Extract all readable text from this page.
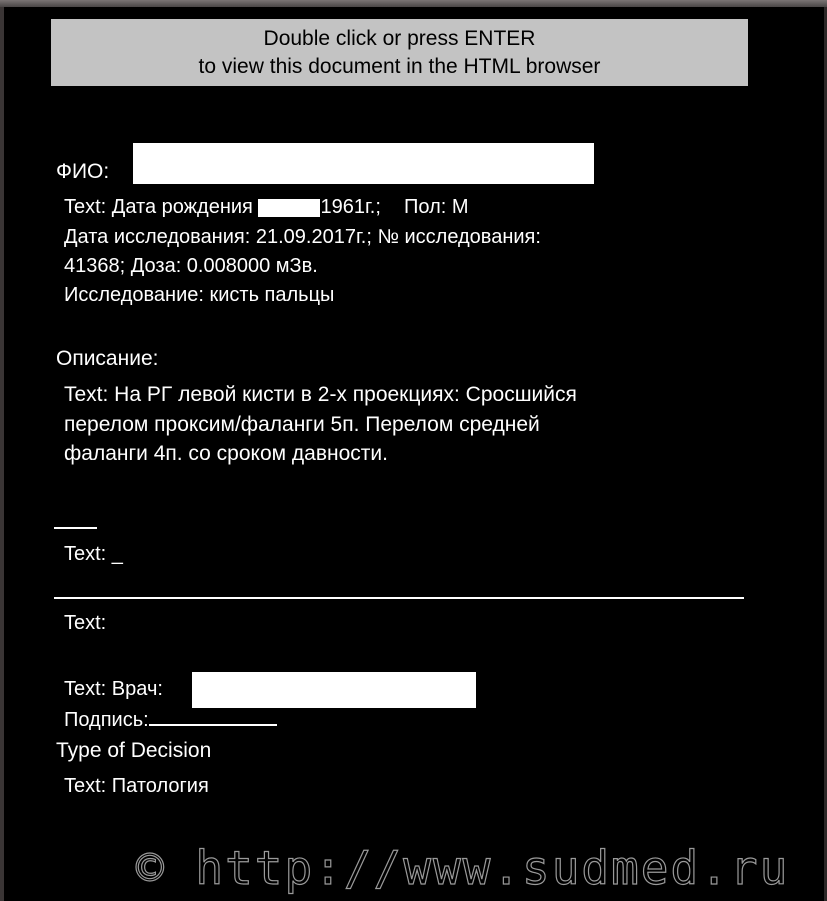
Double click or press ENTER
to view this document in the HTML browser
ФИО:
Text: Дата рождения	1961г.; Пол: М
Дата исследования: 21.09.2017г.; № исследования:
41368; Доза: 0.008000 мЗв.
Исследование: кисть пальцы
Описание:
Text: На РГ левой кисти в 2-х проекциях: Сросшийся
перелом проксим/фаланги 5п. Перелом средней
фаланги 4п. со сроком давности.
Text: _
Text:
Text: Врач:
Подпись:
Type of Decision
Text: Патология
© http://www.sudmed.ru
